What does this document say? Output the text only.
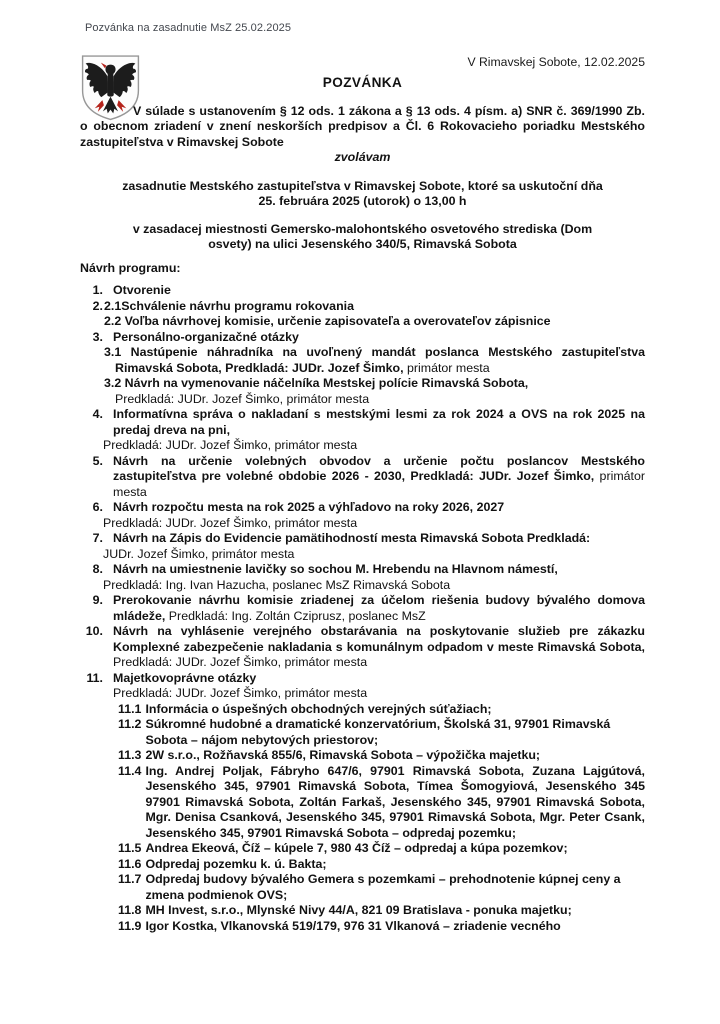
Pozvánka na zasadnutie MsZ 25.02.2025
V Rimavskej Sobote, 12.02.2025
POZVÁNKA

V súlade s ustanovením § 12 ods. 1 zákona a § 13 ods. 4 písm. a) SNR č. 369/1990 Zb. o obecnom zriadení v znení neskorších predpisov a Čl. 6 Rokovacieho poriadku Mestského zastupiteľstva v Rimavskej Sobote

zvolávam
zasadnutie Mestského zastupiteľstva v Rimavskej Sobote, ktoré sa uskutoční dňa
25. februára 2025 (utorok) o 13,00 h
v zasadacej miestnosti Gemersko-malohontského osvetového strediska (Dom
osvety) na ulici Jesenského 340/5, Rimavská Sobota
Návrh programu:
1. Otvorenie
2. 2.1Schválenie návrhu programu rokovania
2.2 Voľba návrhovej komisie, určenie zapisovateľa a overovateľov zápisnice
3. Personálno-organizačné otázky
3.1 Nastúpenie náhradníka na uvoľnený mandát poslanca Mestského zastupiteľstva Rimavská Sobota, Predkladá: JUDr. Jozef Šimko, primátor mesta
3.2 Návrh na vymenovanie náčelníka Mestskej polície Rimavská Sobota,
Predkladá: JUDr. Jozef Šimko, primátor mesta
4. Informatívna správa o nakladaní s mestskými lesmi za rok 2024 a OVS na rok 2025 na predaj dreva na pni,
Predkladá: JUDr. Jozef Šimko, primátor mesta
5. Návrh na určenie volebných obvodov a určenie počtu poslancov Mestského zastupiteľstva pre volebné obdobie 2026 - 2030, Predkladá: JUDr. Jozef Šimko, primátor mesta
6. Návrh rozpočtu mesta na rok 2025 a výhľadovo na roky 2026, 2027
Predkladá: JUDr. Jozef Šimko, primátor mesta
7. Návrh na Zápis do Evidencie pamätihodností mesta Rimavská Sobota Predkladá:
JUDr. Jozef Šimko, primátor mesta
8. Návrh na umiestnenie lavičky so sochou M. Hrebendu na Hlavnom námestí,
Predkladá: Ing. Ivan Hazucha, poslanec MsZ Rimavská Sobota
9. Prerokovanie návrhu komisie zriadenej za účelom riešenia budovy bývalého domova mládeže, Predkladá: Ing. Zoltán Cziprusz, poslanec MsZ
10. Návrh na vyhlásenie verejného obstarávania na poskytovanie služieb pre zákazku Komplexné zabezpečenie nakladania s komunálnym odpadom v meste Rimavská Sobota, Predkladá: JUDr. Jozef Šimko, primátor mesta
11. Majetkovoprávne otázky
Predkladá: JUDr. Jozef Šimko, primátor mesta
11.1 Informácia o úspešných obchodných verejných súťažiach;
11.2 Súkromné hudobné a dramatické konzervatórium, Školská 31, 97901 Rimavská Sobota – nájom nebytových priestorov;
11.3 2W s.r.o., Rožňavská 855/6, Rimavská Sobota – výpožička majetku;
11.4 Ing. Andrej Poljak, Fábryho 647/6, 97901 Rimavská Sobota, Zuzana Lajgútová, Jesenského 345, 97901 Rimavská Sobota, Tímea Šomogyiová, Jesenského 345 97901 Rimavská Sobota, Zoltán Farkaš, Jesenského 345, 97901 Rimavská Sobota, Mgr. Denisa Csanková, Jesenského 345, 97901 Rimavská Sobota, Mgr. Peter Csank, Jesenského 345, 97901 Rimavská Sobota – odpredaj pozemku;
11.5 Andrea Ekeová, Číž – kúpele 7, 980 43 Číž – odpredaj a kúpa pozemkov;
11.6 Odpredaj pozemku k. ú. Bakta;
11.7 Odpredaj budovy bývalého Gemera s pozemkami – prehodnotenie kúpnej ceny a zmena podmienok OVS;
11.8 MH Invest, s.r.o., Mlynské Nivy 44/A, 821 09 Bratislava - ponuka majetku;
11.9 Igor Kostka, Vlkanovská 519/179, 976 31 Vlkanová – zriadenie vecného
